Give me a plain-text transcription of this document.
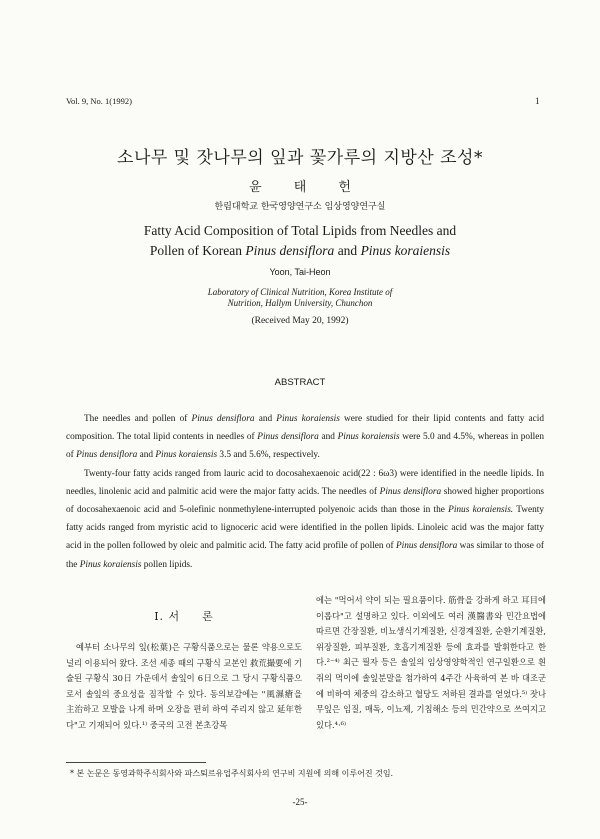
Vol. 9, No. 1(1992)	1
소나무 및 잣나무의 잎과 꽃가루의 지방산 조성*
윤 태 헌
한림대학교 한국영양연구소 임상영양연구실
Fatty Acid Composition of Total Lipids from Needles and
Pollen of Korean Pinus densiflora and Pinus koraiensis
Yoon, Tai-Heon
Laboratory of Clinical Nutrition, Korea Institute of
Nutrition, Hallym University, Chunchon
(Received May 20, 1992)
ABSTRACT

The needles and pollen of Pinus densiflora and Pinus koraiensis were studied for their lipid contents and fatty acid composition. The total lipid contents in needles of Pinus densiflora and Pinus koraiensis were 5.0 and 4.5%, whereas in pollen of Pinus densiflora and Pinus koraiensis 3.5 and 5.6%, respectively.

Twenty-four fatty acids ranged from lauric acid to docosahexaenoic acid(22 : 6ω3) were identified in the needle lipids. In needles, linolenic acid and palmitic acid were the major fatty acids. The needles of Pinus densiflora showed higher proportions of docosahexaenoic acid and 5-olefinic nonmethylene-interrupted polyenoic acids than those in the Pinus koraiensis. Twenty fatty acids ranged from myristic acid to lignoceric acid were identified in the pollen lipids. Linoleic acid was the major fatty acid in the pollen followed by oleic and palmitic acid. The fatty acid profile of pollen of Pinus densiflora was similar to those of the Pinus koraiensis pollen lipids.

I. 서 론

예부터 소나무의 잎(松葉)은 구황식품으로는 물론 약용으로도 널리 이용되어 왔다. 조선 세종 때의 구황식 교본인 救荒撮要에 기술된 구황식 30日 가운데서 솔잎이 6日으로 그 당시 구황식품으로서 솔잎의 중요성을 짐작할 수 있다. 동의보감에는 "風濕瘡을 主治하고 모발을 나게 하며 오장을 편히 하여 주리지 않고 延年한다"고 기재되어 있다.¹⁾ 중국의 고전 본초강목

에는 "먹어서 약이 되는 필요품이다. 筋骨을 강하게 하고 耳目에 이롭다"고 설명하고 있다. 이외에도 여러 漢醫書와 민간요법에 따르면 간장질환, 비뇨생식기계질환, 신경계질환, 순환기계질환, 위장질환, 피부질환, 호흡기계질환 등에 효과를 발휘한다고 한다.²⁻⁴⁾ 최근 필자 등은 솔잎의 임상영양학적인 연구일환으로 흰쥐의 먹이에 솔잎분말을 첨가하여 4주간 사육하여 본 바 대조군에 비하여 체중의 감소하고 혈당도 저하된 결과를 얻었다.⁵⁾ 잣나무잎은 임질, 매독, 이뇨제, 기침해소 등의 민간약으로 쓰여지고 있다.⁴·⁶⁾

* 본 논문은 동영과학주식회사와 파스퇴르유업주식회사의 연구비 지원에 의해 이루어진 것임.
-25-
